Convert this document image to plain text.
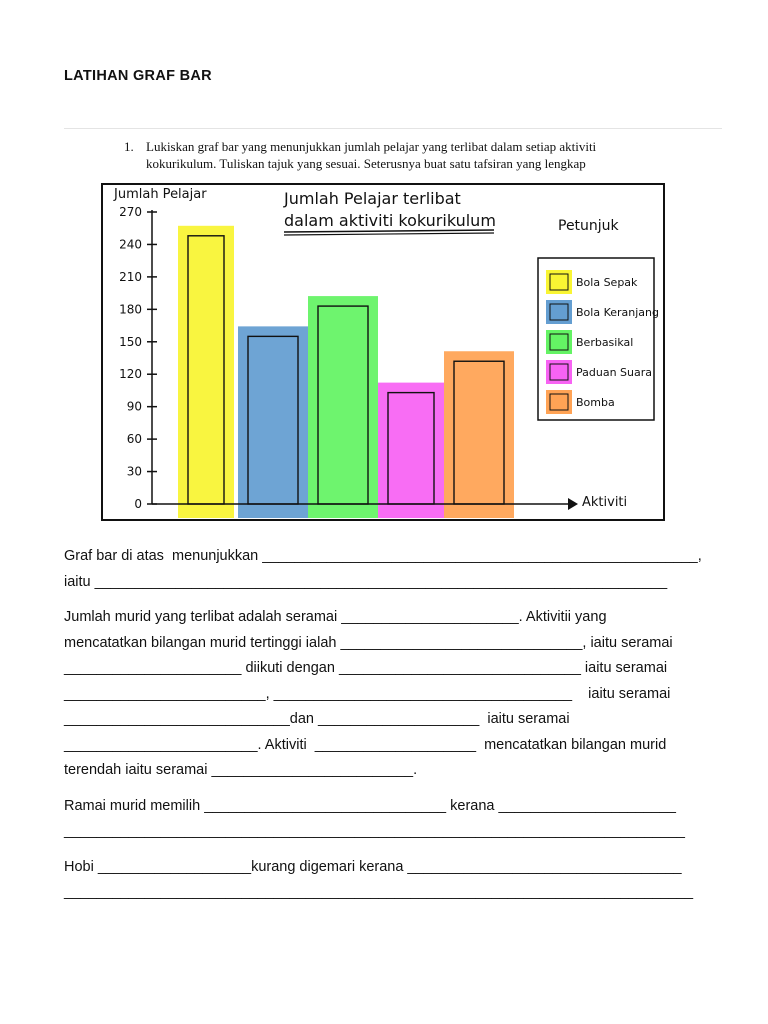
LATIHAN GRAF BAR
1. Lukiskan graf bar yang menunjukkan jumlah pelajar yang terlibat dalam setiap aktiviti
kokurikulum. Tuliskan tajuk yang sesuai. Seterusnya buat satu tafsiran yang lengkap
0
30
60
90
120
150
180
210
240
270
Jumlah Pelajar
Aktiviti
Jumlah Pelajar terlibat
dalam aktiviti kokurikulum	Petunjuk
Bola Sepak
Bola Keranjang
Berbasikal
Paduan Suara
Bomba

Graf bar di atas  menunjukkan ______________________________________________________,

iaitu _______________________________________________________________________

Jumlah murid yang terlibat adalah seramai ______________________. Aktivitii yang

mencatatkan bilangan murid tertinggi ialah ______________________________, iaitu seramai

______________________ diikuti dengan ______________________________ iaitu seramai

_________________________, _____________________________________    iaitu seramai

____________________________dan ____________________  iaitu seramai

________________________. Aktiviti  ____________________  mencatatkan bilangan murid

terendah iaitu seramai _________________________.

Ramai murid memilih ______________________________ kerana ______________________

_____________________________________________________________________________

Hobi ___________________kurang digemari kerana __________________________________

______________________________________________________________________________
